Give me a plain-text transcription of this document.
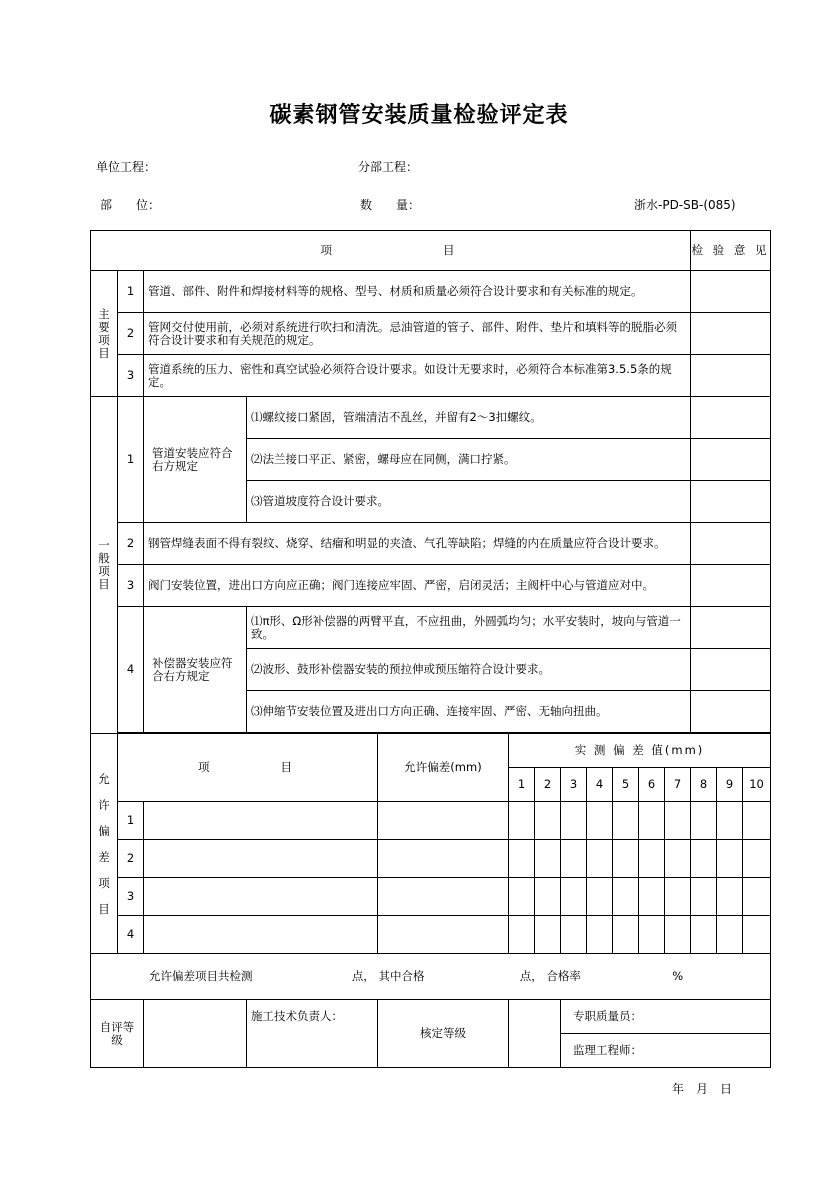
碳素钢管安装质量检验评定表
单位工程：	分部工程：
部　　位：	数　　量：	浙水-PD-SB-(085)
项　　　　　　目												检 验 意 见		
主要项目	1	管道、部件、附件和焊接材料等的规格、型号、材质和质量必须符合设计要求和有关标准的规定。												
	2	管网交付使用前，必须对系统进行吹扫和清洗。忌油管道的管子、部件、附件、垫片和填料等的脱脂必须符合设计要求和有关规范的规定。												
	3	管道系统的压力、密性和真空试验必须符合设计要求。如设计无要求时，必须符合本标准第3.5.5条的规定。												
一般项目	1	管道安装应符合右方规定	⑴螺纹接口紧固，管端清洁不乱丝，并留有2～3扣螺纹。											
			⑵法兰接口平正、紧密，螺母应在同侧，满口拧紧。											
			⑶管道坡度符合设计要求。											
	2	钢管焊缝表面不得有裂纹、烧穿、结瘤和明显的夹渣、气孔等缺陷；焊缝的内在质量应符合设计要求。												
	3	阀门安装位置，进出口方向应正确；阀门连接应牢固、严密，启闭灵活；主阀杆中心与管道应对中。												
	4	补偿器安装应符合右方规定	⑴π形、Ω形补偿器的两臂平直，不应扭曲，外圆弧均匀；水平安装时，坡向与管道一致。											
			⑵波形、鼓形补偿器安装的预拉伸或预压缩符合设计要求。											
			⑶伸缩节安装位置及进出口方向正确、连接牢固、严密、无轴向扭曲。											

允许偏差项目	项　　　　目			允许偏差(mm)	实 测 偏 差 值(mm)									
					1	2	3	4	5	6	7	8	9	10
	1													
	2													
	3													
	4													
允许偏差项目共检测 点， 其中合格 点， 合格率 %														
自评等级			施工技术负责人：	核定等级			专职质量员：							
							监理工程师：							
年　月　日
